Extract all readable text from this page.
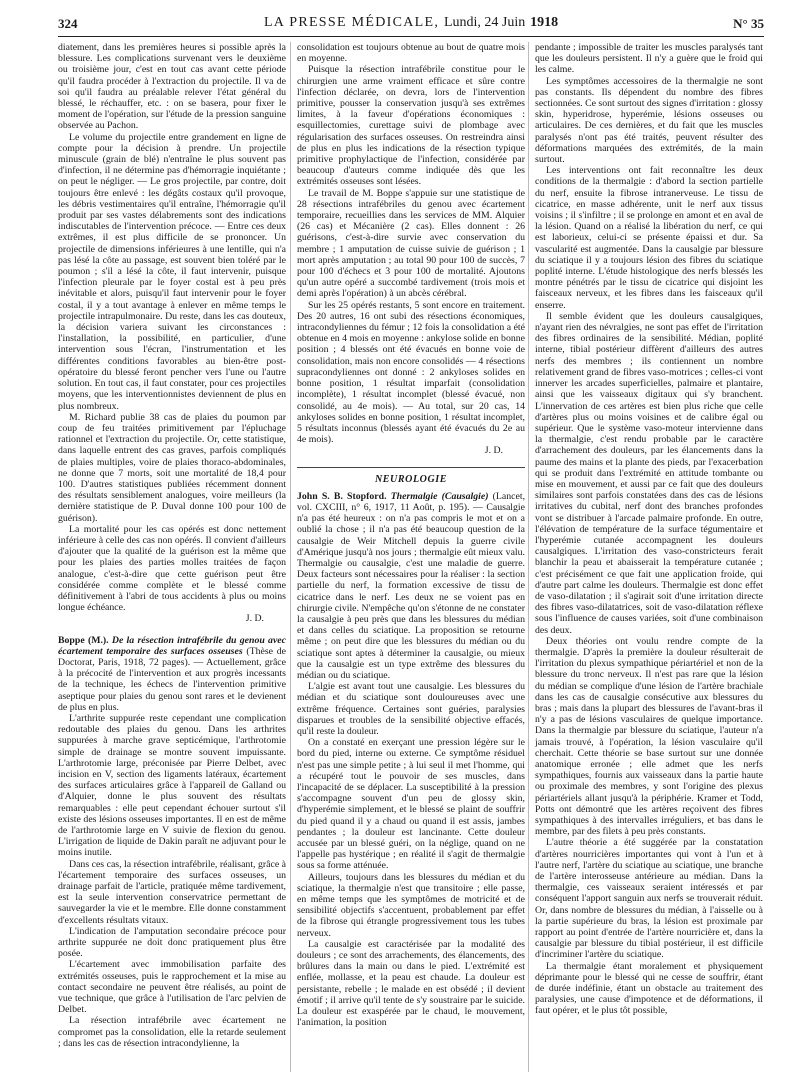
324	LA PRESSE MÉDICALE, Lundi, 24 Juin 1918	N° 35

diatement, dans les premières heures si possible après la blessure. Les complications survenant vers le deuxième ou troisième jour, c'est en tout cas avant cette période qu'il faudra procéder à l'extraction du projectile. Il va de soi qu'il faudra au préalable relever l'état général du blessé, le réchauffer, etc. : on se basera, pour fixer le moment de l'opération, sur l'étude de la pression sanguine observée au Pachon.

Le volume du projectile entre grandement en ligne de compte pour la décision à prendre. Un projectile minuscule (grain de blé) n'entraîne le plus souvent pas d'infection, il ne détermine pas d'hémorragie inquiétante ; on peut le négliger. — Le gros projectile, par contre, doit toujours être enlevé : les dégâts costaux qu'il provoque, les débris vestimentaires qu'il entraîne, l'hémorragie qu'il produit par ses vastes délabrements sont des indications indiscutables de l'intervention précoce. — Entre ces deux extrêmes, il est plus difficile de se prononcer. Un projectile de dimensions inférieures à une lentille, qui n'a pas lésé la côte au passage, est souvent bien toléré par le poumon ; s'il a lésé la côte, il faut intervenir, puisque l'infection pleurale par le foyer costal est à peu près inévitable et alors, puisqu'il faut intervenir pour le foyer costal, il y a tout avantage à enlever en même temps le projectile intrapulmonaire. Du reste, dans les cas douteux, la décision variera suivant les circonstances : l'installation, la possibilité, en particulier, d'une intervention sous l'écran, l'instrumentation et les différentes conditions favorables au bien-être post-opératoire du blessé feront pencher vers l'une ou l'autre solution. En tout cas, il faut constater, pour ces projectiles moyens, que les interventionnistes deviennent de plus en plus nombreux.

M. Richard publie 38 cas de plaies du poumon par coup de feu traitées primitivement par l'épluchage rationnel et l'extraction du projectile. Or, cette statistique, dans laquelle entrent des cas graves, parfois compliqués de plaies multiples, voire de plaies thoraco-abdominales, ne donne que 7 morts, soit une mortalité de 18,4 pour 100. D'autres statistiques publiées récemment donnent des résultats sensiblement analogues, voire meilleurs (la dernière statistique de P. Duval donne 100 pour 100 de guérison).

La mortalité pour les cas opérés est donc nettement inférieure à celle des cas non opérés. Il convient d'ailleurs d'ajouter que la qualité de la guérison est la même que pour les plaies des parties molles traitées de façon analogue, c'est-à-dire que cette guérison peut être considérée comme complète et le blessé comme définitivement à l'abri de tous accidents à plus ou moins longue échéance.

J. D.

Boppe (M.). De la résection intrafébrile du genou avec écartement temporaire des surfaces osseuses (Thèse de Doctorat, Paris, 1918, 72 pages). — Actuellement, grâce à la précocité de l'intervention et aux progrès incessants de la technique, les échecs de l'intervention primitive aseptique pour plaies du genou sont rares et le devienent de plus en plus.

L'arthrite suppurée reste cependant une complication redoutable des plaies du genou. Dans les arthrites suppurées à marche grave septicémique, l'arthrotomie simple de drainage se montre souvent impuissante. L'arthrotomie large, préconisée par Pierre Delbet, avec incision en V, section des ligaments latéraux, écartement des surfaces articulaires grâce à l'appareil de Galland ou d'Alquier, donne le plus souvent des résultats remarquables : elle peut cependant échouer surtout s'il existe des lésions osseuses importantes. Il en est de même de l'arthrotomie large en V suivie de flexion du genou. L'irrigation de liquide de Dakin paraît ne adjuvant pour le moins inutile.

Dans ces cas, la résection intrafébrile, réalisant, grâce à l'écartement temporaire des surfaces osseuses, un drainage parfait de l'article, pratiquée même tardivement, est la seule intervention conservatrice permettant de sauvegarder la vie et le membre. Elle donne constamment d'excellents résultats vitaux.

L'indication de l'amputation secondaire précoce pour arthrite suppurée ne doit donc pratiquement plus être posée.

L'écartement avec immobilisation parfaite des extrémités osseuses, puis le rapprochement et la mise au contact secondaire ne peuvent être réalisés, au point de vue technique, que grâce à l'utilisation de l'arc pelvien de Delbet.

La résection intrafébrile avec écartement ne compromet pas la consolidation, elle la retarde seulement ; dans les cas de résection intracondylienne, la

consolidation est toujours obtenue au bout de quatre mois en moyenne.

Puisque la résection intrafébrile constitue pour le chirurgien une arme vraiment efficace et sûre contre l'infection déclarée, on devra, lors de l'intervention primitive, pousser la conservation jusqu'à ses extrêmes limites, à la faveur d'opérations économiques : esquillectomies, curettage suivi de plombage avec régularisation des surfaces osseuses. On restreindra ainsi de plus en plus les indications de la résection typique primitive prophylactique de l'infection, considérée par beaucoup d'auteurs comme indiquée dès que les extrémités osseuses sont lésées.

Le travail de M. Boppe s'appuie sur une statistique de 28 résections intrafébriles du genou avec écartement temporaire, recueillies dans les services de MM. Alquier (26 cas) et Mécanière (2 cas). Elles donnent : 26 guérisons, c'est-à-dire survie avec conservation du membre ; 1 amputation de cuisse suivie de guérison ; 1 mort après amputation ; au total 90 pour 100 de succès, 7 pour 100 d'échecs et 3 pour 100 de mortalité. Ajoutons qu'un autre opéré a succombé tardivement (trois mois et demi après l'opération) à un abcès cérébral.

Sur les 25 opérés restants, 5 sont encore en traitement. Des 20 autres, 16 ont subi des résections économiques, intracondyliennes du fémur ; 12 fois la consolidation a été obtenue en 4 mois en moyenne : ankylose solide en bonne position ; 4 blessés ont été évacués en bonne voie de consolidation, mais non encore consolidés — 4 résections supracondyliennes ont donné : 2 ankyloses solides en bonne position, 1 résultat imparfait (consolidation incomplète), 1 résultat incomplet (blessé évacué, non consolidé, au 4e mois). — Au total, sur 20 cas, 14 ankyloses solides en bonne position, 1 résultat incomplet, 5 résultats inconnus (blessés ayant été évacués du 2e au 4e mois).

J. D.

NEUROLOGIE

John S. B. Stopford. Thermalgie (Causalgie) (Lancet, vol. CXCIII, n° 6, 1917, 11 Août, p. 195). — Causalgie n'a pas été heureux : on n'a pas compris le mot et on a oublié la chose ; il n'a pas été beaucoup question de la causalgie de Weir Mitchell depuis la guerre civile d'Amérique jusqu'à nos jours ; thermalgie eût mieux valu. Thermalgie ou causalgie, c'est une maladie de guerre. Deux facteurs sont nécessaires pour la réaliser : la section partielle du nerf, la formation excessive de tissu de cicatrice dans le nerf. Les deux ne se voient pas en chirurgie civile. N'empêche qu'on s'étonne de ne constater la causalgie à peu près que dans les blessures du médian et dans celles du sciatique. La proposition se retourne même ; on peut dire que les blessures du médian ou du sciatique sont aptes à déterminer la causalgie, ou mieux que la causalgie est un type extrême des blessures du médian ou du sciatique.

L'algie est avant tout une causalgie. Les blessures du médian et du sciatique sont douloureuses avec une extrême fréquence. Certaines sont guéries, paralysies disparues et troubles de la sensibilité objective effacés, qu'il reste la douleur.

On a constaté en exerçant une pression légère sur le bord du pied, interne ou externe. Ce symptôme résiduel n'est pas une simple petite ; à lui seul il met l'homme, qui a récupéré tout le pouvoir de ses muscles, dans l'incapacité de se déplacer. La susceptibilité à la pression s'accompagne souvent d'un peu de glossy skin, d'hyperémie simplement, et le blessé se plaint de souffrir du pied quand il y a chaud ou quand il est assis, jambes pendantes ; la douleur est lancinante. Cette douleur accusée par un blessé guéri, on la néglige, quand on ne l'appelle pas hystérique ; en réalité il s'agit de thermalgie sous sa forme atténuée.

Ailleurs, toujours dans les blessures du médian et du sciatique, la thermalgie n'est que transitoire ; elle passe, en même temps que les symptômes de motricité et de sensibilité objectifs s'accentuent, probablement par effet de la fibrose qui étrangle progressivement tous les tubes nerveux.

La causalgie est caractérisée par la modalité des douleurs ; ce sont des arrachements, des élancements, des brûlures dans la main ou dans le pied. L'extrémité est enflée, mollasse, et la peau est chaude. La douleur est persistante, rebelle ; le malade en est obsédé ; il devient émotif ; il arrive qu'il tente de s'y soustraire par le suicide. La douleur est exaspérée par le chaud, le mouvement, l'animation, la position

pendante ; impossible de traiter les muscles paralysés tant que les douleurs persistent. Il n'y a guère que le froid qui les calme.

Les symptômes accessoires de la thermalgie ne sont pas constants. Ils dépendent du nombre des fibres sectionnées. Ce sont surtout des signes d'irritation : glossy skin, hyperidrose, hyperémie, lésions osseuses ou articulaires. De ces dernières, et du fait que les muscles paralysés n'ont pas été traités, peuvent résulter des déformations marquées des extrémités, de la main surtout.

Les interventions ont fait reconnaître les deux conditions de la thermalgie : d'abord la section partielle du nerf, ensuite la fibrose intranerveuse. Le tissu de cicatrice, en masse adhérente, unit le nerf aux tissus voisins ; il s'infiltre ; il se prolonge en amont et en aval de la lésion. Quand on a réalisé la libération du nerf, ce qui est laborieux, celui-ci se présente épaissi et dur. Sa vascularité est augmentée. Dans la causalgie par blessure du sciatique il y a toujours lésion des fibres du sciatique poplité interne. L'étude histologique des nerfs blessés les montre pénétrés par le tissu de cicatrice qui disjoint les faisceaux nerveux, et les fibres dans les faisceaux qu'il enserre.

Il semble évident que les douleurs causalgiques, n'ayant rien des névralgies, ne sont pas effet de l'irritation des fibres ordinaires de la sensibilité. Médian, poplité interne, tibial postérieur diffèrent d'ailleurs des autres nerfs des membres ; ils contiennent un nombre relativement grand de fibres vaso-motrices ; celles-ci vont innerver les arcades superficielles, palmaire et plantaire, ainsi que les vaisseaux digitaux qui s'y branchent. L'innervation de ces artères est bien plus riche que celle d'artères plus ou moins voisines et de calibre égal ou supérieur. Que le système vaso-moteur intervienne dans la thermalgie, c'est rendu probable par le caractère d'arrachement des douleurs, par les élancements dans la paume des mains et la plante des pieds, par l'exacerbation qui se produit dans l'extrémité en attitude tombante ou mise en mouvement, et aussi par ce fait que des douleurs similaires sont parfois constatées dans des cas de lésions irritatives du cubital, nerf dont des branches profondes vont se distribuer à l'arcade palmaire profonde. En outre, l'élévation de température de la surface tégumentaire et l'hyperémie cutanée accompagnent les douleurs causalgiques. L'irritation des vaso-constricteurs ferait blanchir la peau et abaisserait la température cutanée ; c'est précisément ce que fait une application froide, qui d'autre part calme les douleurs. Thermalgie est donc effet de vaso-dilatation ; il s'agirait soit d'une irritation directe des fibres vaso-dilatatrices, soit de vaso-dilatation réflexe sous l'influence de causes variées, soit d'une combinaison des deux.

Deux théories ont voulu rendre compte de la thermalgie. D'après la première la douleur résulterait de l'irritation du plexus sympathique périartériel et non de la blessure du tronc nerveux. Il n'est pas rare que la lésion du médian se complique d'une lésion de l'artère brachiale dans les cas de causalgie consécutive aux blessures du bras ; mais dans la plupart des blessures de l'avant-bras il n'y a pas de lésions vasculaires de quelque importance. Dans la thermalgie par blessure du sciatique, l'auteur n'a jamais trouvé, à l'opération, la lésion vasculaire qu'il cherchait. Cette théorie se base surtout sur une donnée anatomique erronée ; elle admet que les nerfs sympathiques, fournis aux vaisseaux dans la partie haute ou proximale des membres, y sont l'origine des plexus périartériels allant jusqu'à la périphérie. Kramer et Todd, Potts ont démontré que les artères reçoivent des fibres sympathiques à des intervalles irréguliers, et bas dans le membre, par des filets à peu près constants.

L'autre théorie a été suggérée par la constatation d'artères nourricières importantes qui vont à l'un et à l'autre nerf, l'artère du sciatique au sciatique, une branche de l'artère interosseuse antérieure au médian. Dans la thermalgie, ces vaisseaux seraient intéressés et par conséquent l'apport sanguin aux nerfs se trouverait réduit. Or, dans nombre de blessures du médian, à l'aisselle ou à la partie supérieure du bras, la lésion est proximale par rapport au point d'entrée de l'artère nourricière et, dans la causalgie par blessure du tibial postérieur, il est difficile d'incriminer l'artère du sciatique.

La thermalgie étant moralement et physiquement déprimante pour le blessé qui ne cesse de souffrir, étant de durée indéfinie, étant un obstacle au traitement des paralysies, une cause d'impotence et de déformations, il faut opérer, et le plus tôt possible,
